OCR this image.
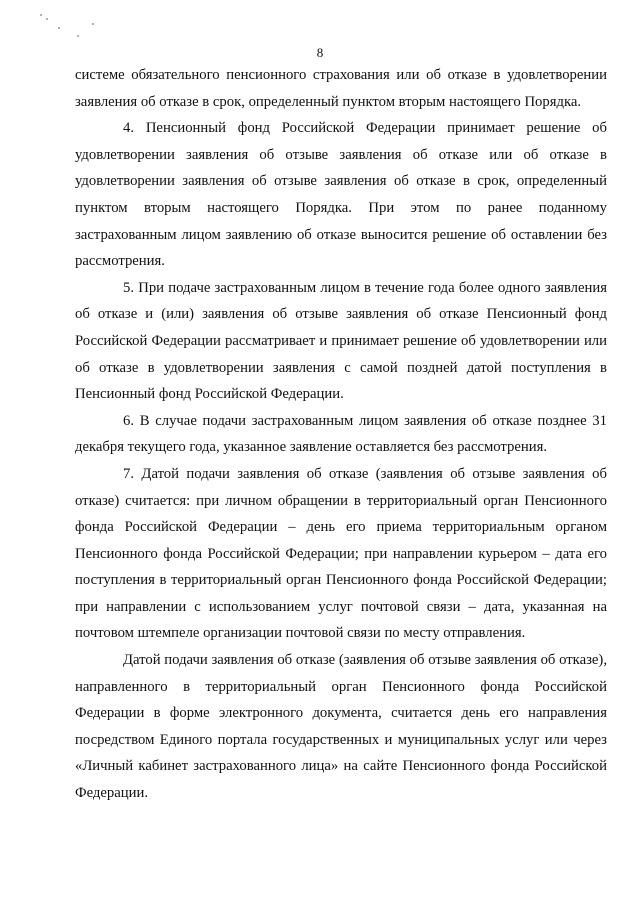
8

системе обязательного пенсионного страхования или об отказе в удовлетворении заявления об отказе в срок, определенный пунктом вторым настоящего Порядка.

4. Пенсионный фонд Российской Федерации принимает решение об удовлетворении заявления об отзыве заявления об отказе или об отказе в удовлетворении заявления об отзыве заявления об отказе в срок, определенный пунктом вторым настоящего Порядка. При этом по ранее поданному застрахованным лицом заявлению об отказе выносится решение об оставлении без рассмотрения.

5. При подаче застрахованным лицом в течение года более одного заявления об отказе и (или) заявления об отзыве заявления об отказе Пенсионный фонд Российской Федерации рассматривает и принимает решение об удовлетворении или об отказе в удовлетворении заявления с самой поздней датой поступления в Пенсионный фонд Российской Федерации.

6. В случае подачи застрахованным лицом заявления об отказе позднее 31 декабря текущего года, указанное заявление оставляется без рассмотрения.

7. Датой подачи заявления об отказе (заявления об отзыве заявления об отказе) считается: при личном обращении в территориальный орган Пенсионного фонда Российской Федерации – день его приема территориальным органом Пенсионного фонда Российской Федерации; при направлении курьером – дата его поступления в территориальный орган Пенсионного фонда Российской Федерации; при направлении с использованием услуг почтовой связи – дата, указанная на почтовом штемпеле организации почтовой связи по месту отправления.

Датой подачи заявления об отказе (заявления об отзыве заявления об отказе), направленного в территориальный орган Пенсионного фонда Российской Федерации в форме электронного документа, считается день его направления посредством Единого портала государственных и муниципальных услуг или через «Личный кабинет застрахованного лица» на сайте Пенсионного фонда Российской Федерации.
